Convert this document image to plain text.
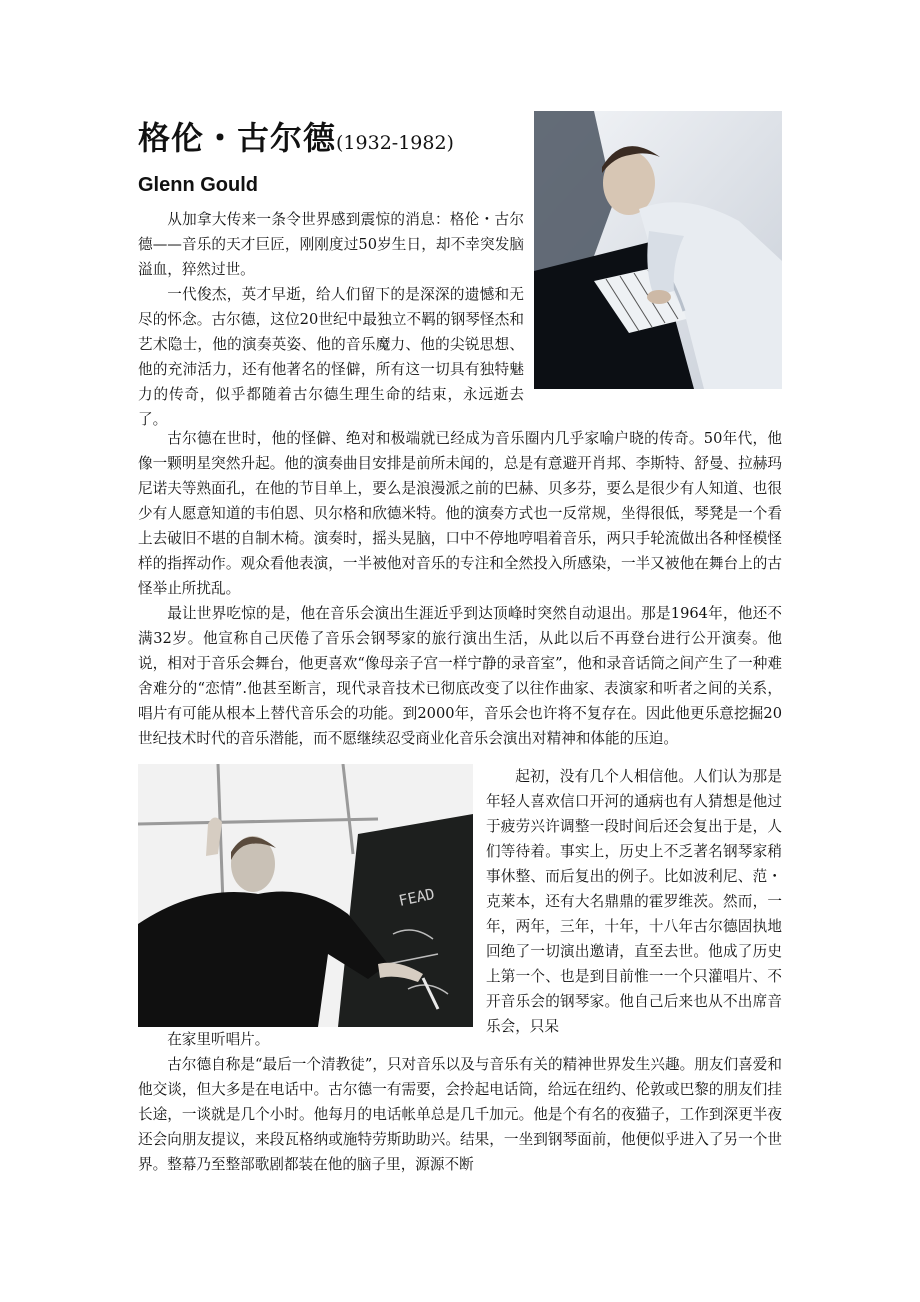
格伦・古尔德(1932-1982)
Glenn Gould

从加拿大传来一条令世界感到震惊的消息：格伦・古尔德——音乐的天才巨匠，刚刚度过50岁生日，却不幸突发脑溢血，猝然过世。

一代俊杰，英才早逝，给人们留下的是深深的遗憾和无尽的怀念。古尔德，这位20世纪中最独立不羁的钢琴怪杰和艺术隐士，他的演奏英姿、他的音乐魔力、他的尖锐思想、他的充沛活力，还有他著名的怪僻，所有这一切具有独特魅力的传奇，似乎都随着古尔德生理生命的结束，永远逝去了。

古尔德在世时，他的怪僻、绝对和极端就已经成为音乐圈内几乎家喻户晓的传奇。50年代，他像一颗明星突然升起。他的演奏曲目安排是前所未闻的，总是有意避开肖邦、李斯特、舒曼、拉赫玛尼诺夫等熟面孔，在他的节目单上，要么是浪漫派之前的巴赫、贝多芬，要么是很少有人知道、也很少有人愿意知道的韦伯恩、贝尔格和欣德米特。他的演奏方式也一反常规，坐得很低，琴凳是一个看上去破旧不堪的自制木椅。演奏时，摇头晃脑，口中不停地哼唱着音乐，两只手轮流做出各种怪模怪样的指挥动作。观众看他表演，一半被他对音乐的专注和全然投入所感染，一半又被他在舞台上的古怪举止所扰乱。

最让世界吃惊的是，他在音乐会演出生涯近乎到达顶峰时突然自动退出。那是1964年，他还不满32岁。他宣称自己厌倦了音乐会钢琴家的旅行演出生活，从此以后不再登台进行公开演奏。他说，相对于音乐会舞台，他更喜欢“像母亲子宫一样宁静的录音室”，他和录音话筒之间产生了一种难舍难分的“恋情”.他甚至断言，现代录音技术已彻底改变了以往作曲家、表演家和听者之间的关系，唱片有可能从根本上替代音乐会的功能。到2000年，音乐会也许将不复存在。因此他更乐意挖掘20世纪技术时代的音乐潜能，而不愿继续忍受商业化音乐会演出对精神和体能的压迫。

FEAD

起初，没有几个人相信他。人们认为那是年轻人喜欢信口开河的通病也有人猜想是他过于疲劳兴许调整一段时间后还会复出于是，人们等待着。事实上，历史上不乏著名钢琴家稍事休整、而后复出的例子。比如波利尼、范・克莱本，还有大名鼎鼎的霍罗维茨。然而，一年，两年，三年，十年，十八年古尔德固执地回绝了一切演出邀请，直至去世。他成了历史上第一个、也是到目前惟一一个只灌唱片、不开音乐会的钢琴家。他自己后来也从不出席音乐会，只呆

在家里听唱片。

古尔德自称是“最后一个清教徒”，只对音乐以及与音乐有关的精神世界发生兴趣。朋友们喜爱和他交谈，但大多是在电话中。古尔德一有需要，会拎起电话筒，给远在纽约、伦敦或巴黎的朋友们挂长途，一谈就是几个小时。他每月的电话帐单总是几千加元。他是个有名的夜猫子，工作到深更半夜还会向朋友提议，来段瓦格纳或施特劳斯助助兴。结果，一坐到钢琴面前，他便似乎进入了另一个世界。整幕乃至整部歌剧都装在他的脑子里，源源不断
